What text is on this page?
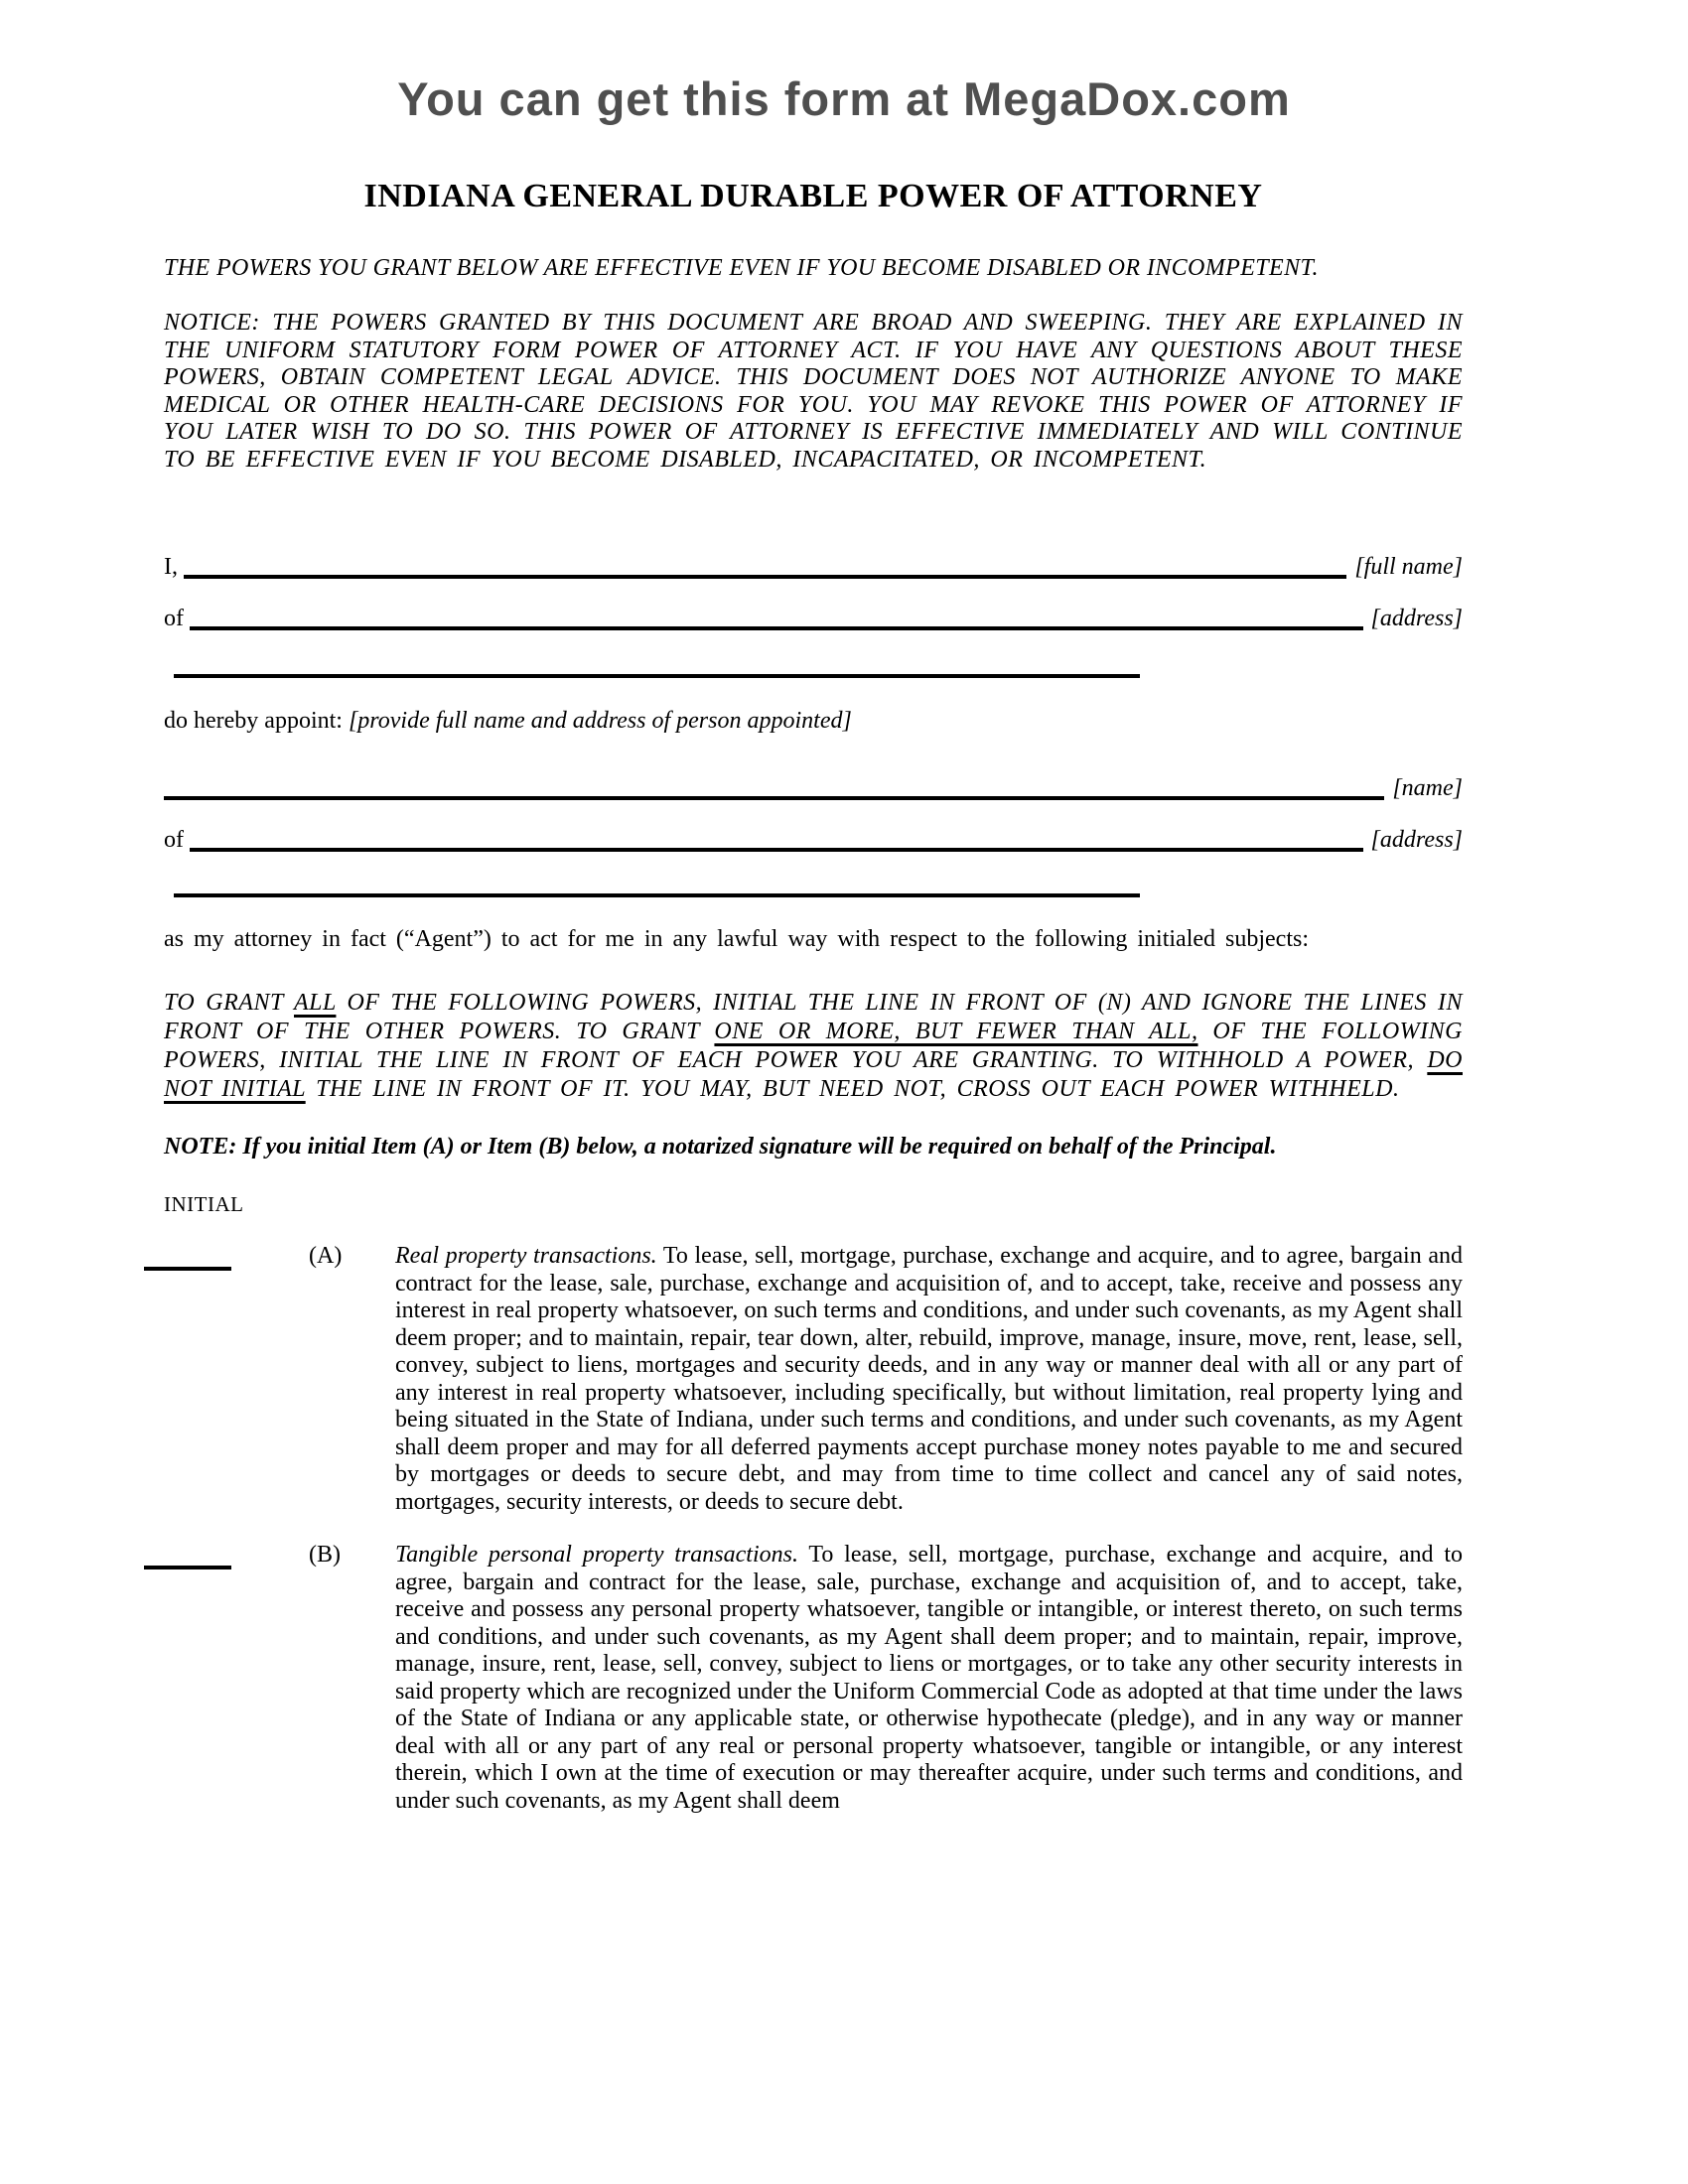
You can get this form at MegaDox.com
INDIANA GENERAL DURABLE POWER OF ATTORNEY
THE POWERS YOU GRANT BELOW ARE EFFECTIVE EVEN IF YOU BECOME DISABLED OR INCOMPETENT.
NOTICE: THE POWERS GRANTED BY THIS DOCUMENT ARE BROAD AND SWEEPING. THEY ARE EXPLAINED IN THE UNIFORM STATUTORY FORM POWER OF ATTORNEY ACT. IF YOU HAVE ANY QUESTIONS ABOUT THESE POWERS, OBTAIN COMPETENT LEGAL ADVICE. THIS DOCUMENT DOES NOT AUTHORIZE ANYONE TO MAKE MEDICAL OR OTHER HEALTH-CARE DECISIONS FOR YOU. YOU MAY REVOKE THIS POWER OF ATTORNEY IF YOU LATER WISH TO DO SO. THIS POWER OF ATTORNEY IS EFFECTIVE IMMEDIATELY AND WILL CONTINUE TO BE EFFECTIVE EVEN IF YOU BECOME DISABLED, INCAPACITATED, OR INCOMPETENT.
I,	[full name]
of	[address]
do hereby appoint: [provide full name and address of person appointed]
[name]
of	[address]
as my attorney in fact (“Agent”) to act for me in any lawful way with respect to the following initialed subjects:
TO GRANT ALL OF THE FOLLOWING POWERS, INITIAL THE LINE IN FRONT OF (N) AND IGNORE THE LINES IN FRONT OF THE OTHER POWERS. TO GRANT ONE OR MORE, BUT FEWER THAN ALL, OF THE FOLLOWING POWERS, INITIAL THE LINE IN FRONT OF EACH POWER YOU ARE GRANTING. TO WITHHOLD A POWER, DO NOT INITIAL THE LINE IN FRONT OF IT. YOU MAY, BUT NEED NOT, CROSS OUT EACH POWER WITHHELD.
NOTE: If you initial Item (A) or Item (B) below, a notarized signature will be required on behalf of the Principal.
INITIAL
(A)	Real property transactions. To lease, sell, mortgage, purchase, exchange and acquire, and to agree, bargain and contract for the lease, sale, purchase, exchange and acquisition of, and to accept, take, receive and possess any interest in real property whatsoever, on such terms and conditions, and under such covenants, as my Agent shall deem proper; and to maintain, repair, tear down, alter, rebuild, improve, manage, insure, move, rent, lease, sell, convey, subject to liens, mortgages and security deeds, and in any way or manner deal with all or any part of any interest in real property whatsoever, including specifically, but without limitation, real property lying and being situated in the State of Indiana, under such terms and conditions, and under such covenants, as my Agent shall deem proper and may for all deferred payments accept purchase money notes payable to me and secured by mortgages or deeds to secure debt, and may from time to time collect and cancel any of said notes, mortgages, security interests, or deeds to secure debt.
(B)	Tangible personal property transactions. To lease, sell, mortgage, purchase, exchange and acquire, and to agree, bargain and contract for the lease, sale, purchase, exchange and acquisition of, and to accept, take, receive and possess any personal property whatsoever, tangible or intangible, or interest thereto, on such terms and conditions, and under such covenants, as my Agent shall deem proper; and to maintain, repair, improve, manage, insure, rent, lease, sell, convey, subject to liens or mortgages, or to take any other security interests in said property which are recognized under the Uniform Commercial Code as adopted at that time under the laws of the State of Indiana or any applicable state, or otherwise hypothecate (pledge), and in any way or manner deal with all or any part of any real or personal property whatsoever, tangible or intangible, or any interest therein, which I own at the time of execution or may thereafter acquire, under such terms and conditions, and under such covenants, as my Agent shall deem
